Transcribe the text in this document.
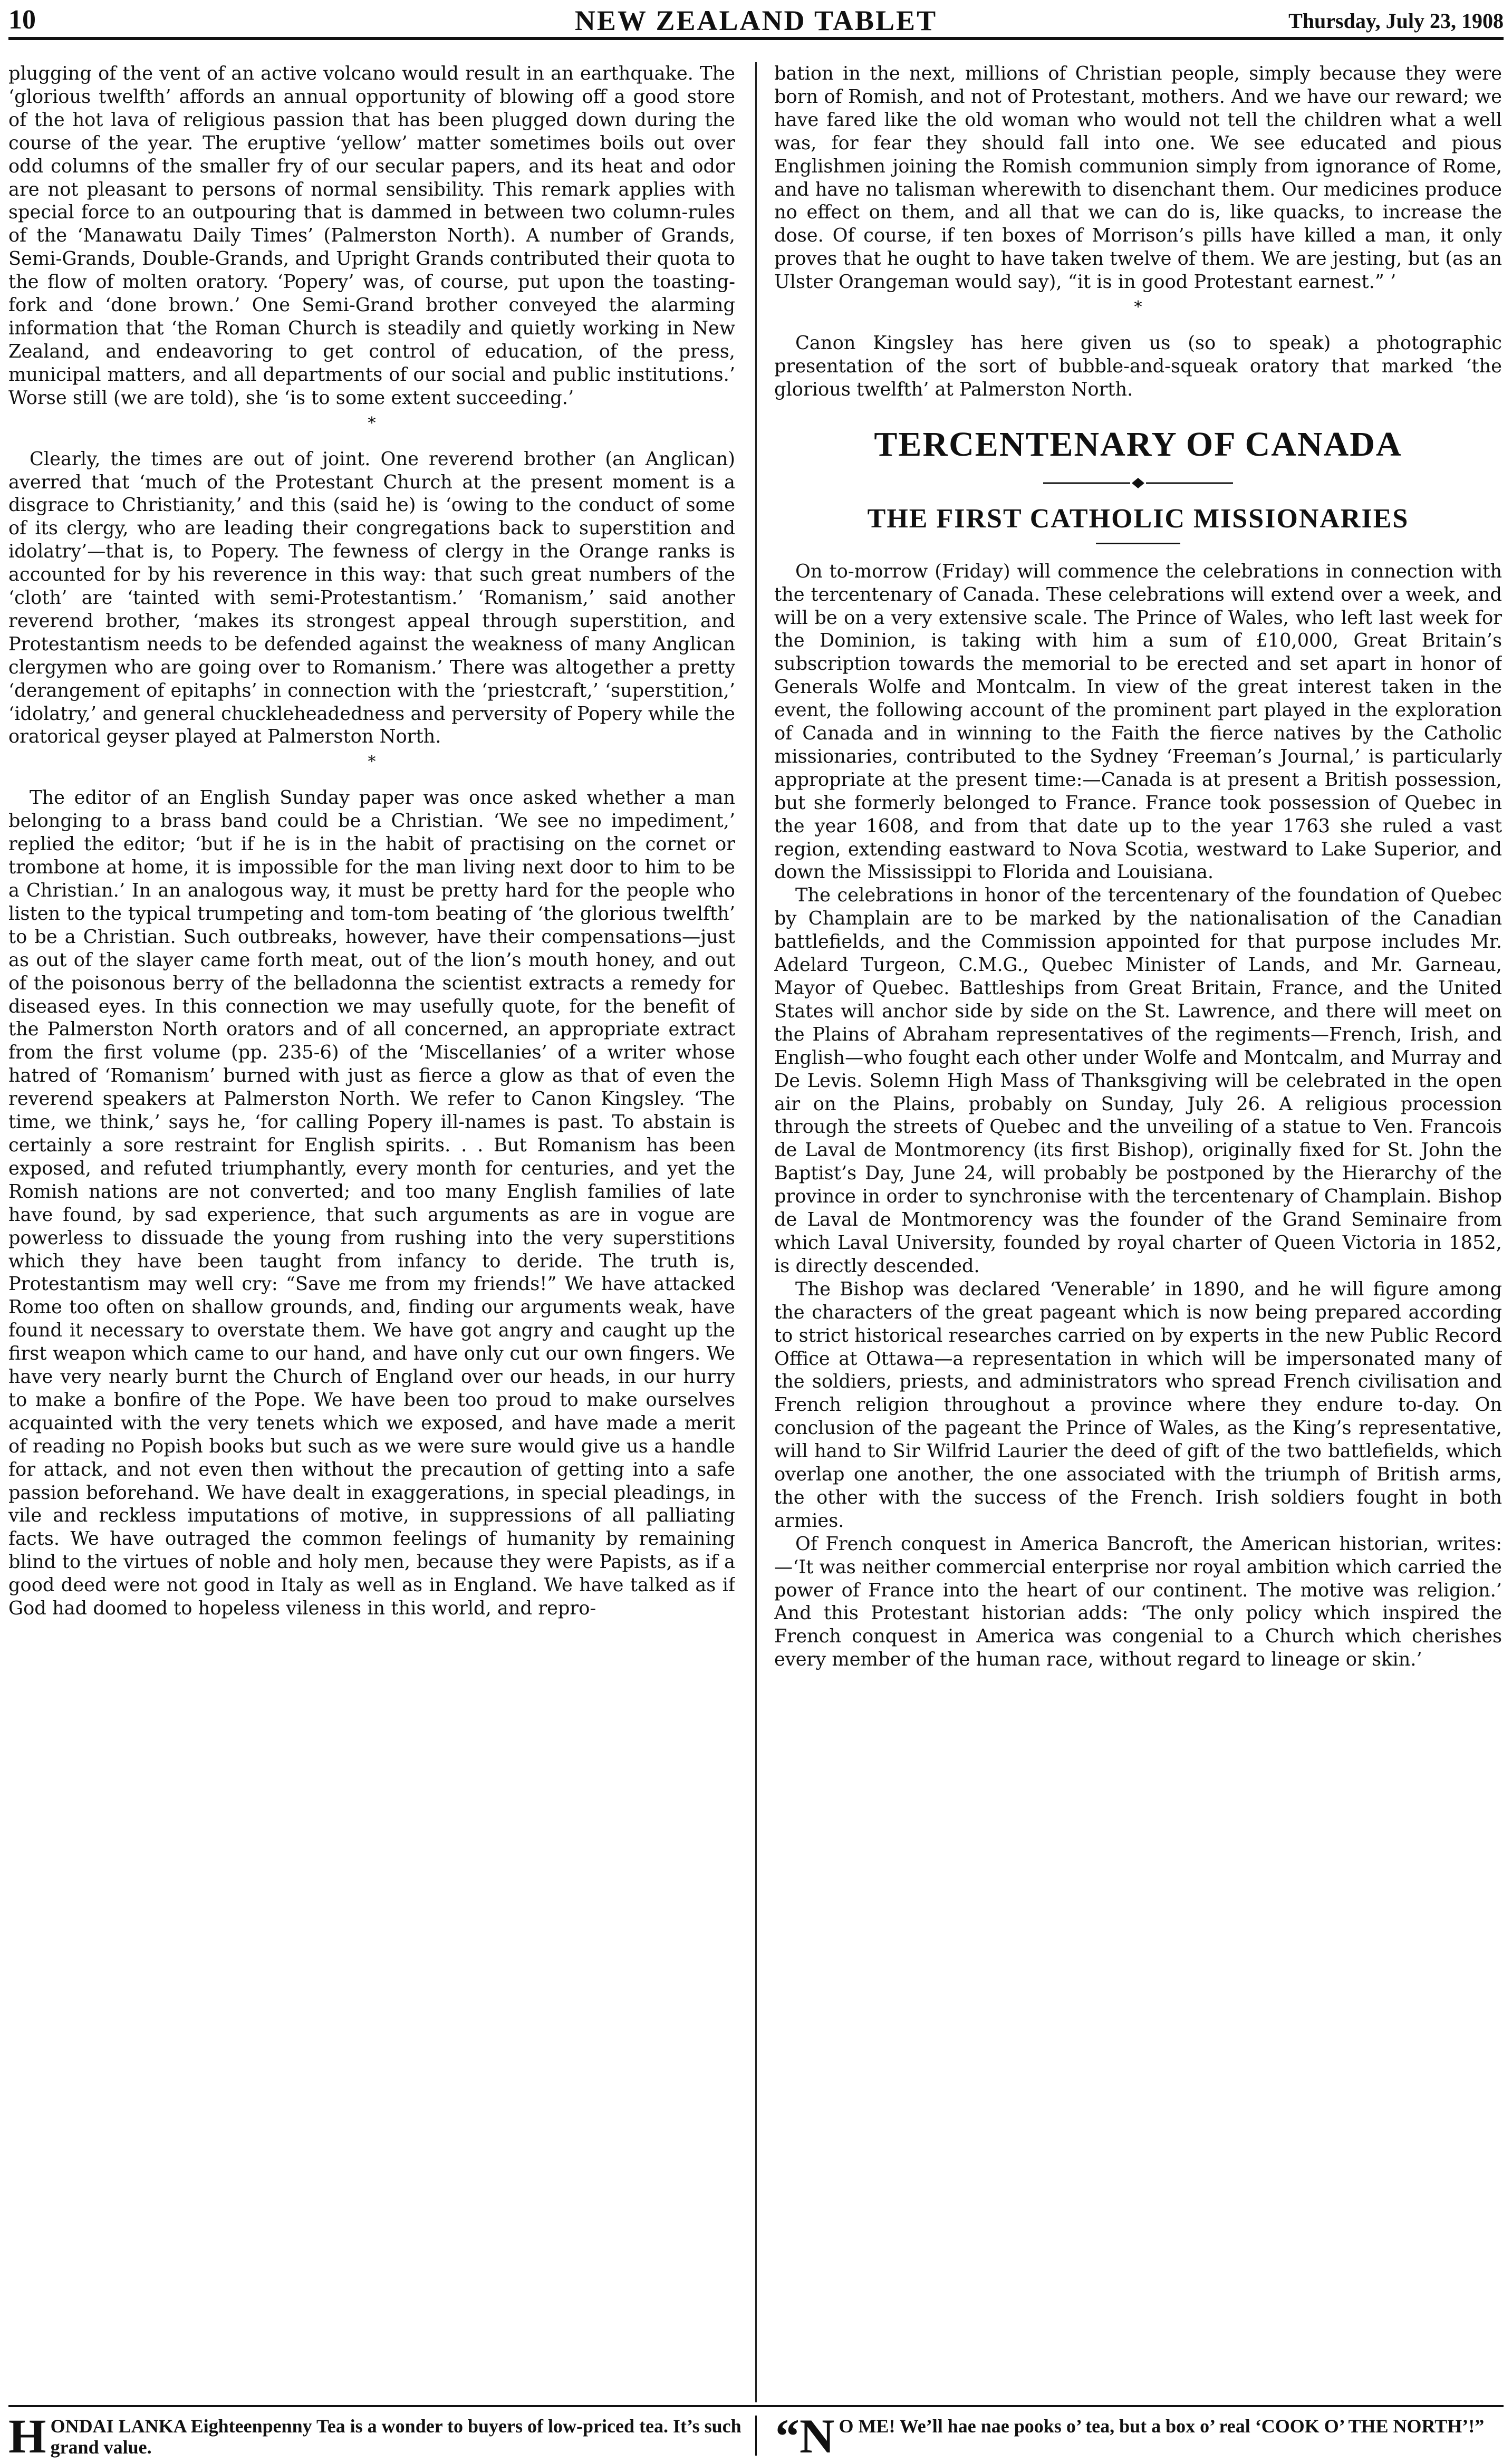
10	NEW ZEALAND TABLET	Thursday, July 23, 1908

plugging of the vent of an active volcano would result in an earthquake. The ‘glorious twelfth’ affords an annual opportunity of blowing off a good store of the hot lava of religious passion that has been plugged down during the course of the year. The eruptive ‘yellow’ matter sometimes boils out over odd columns of the smaller fry of our secular papers, and its heat and odor are not pleasant to persons of normal sensibility. This remark applies with special force to an outpouring that is dammed in between two column-rules of the ‘Manawatu Daily Times’ (Palmerston North). A number of Grands, Semi-Grands, Double-Grands, and Upright Grands contributed their quota to the flow of molten oratory. ‘Popery’ was, of course, put upon the toasting-fork and ‘done brown.’ One Semi-Grand brother conveyed the alarming information that ‘the Roman Church is steadily and quietly working in New Zealand, and endeavoring to get control of education, of the press, municipal matters, and all departments of our social and public institutions.’ Worse still (we are told), she ‘is to some extent succeeding.’

*

Clearly, the times are out of joint. One reverend brother (an Anglican) averred that ‘much of the Protestant Church at the present moment is a disgrace to Christianity,’ and this (said he) is ‘owing to the conduct of some of its clergy, who are leading their congregations back to superstition and idolatry’—that is, to Popery. The fewness of clergy in the Orange ranks is accounted for by his reverence in this way: that such great numbers of the ‘cloth’ are ‘tainted with semi-Protestantism.’ ‘Romanism,’ said another reverend brother, ‘makes its strongest appeal through superstition, and Protestantism needs to be defended against the weakness of many Anglican clergymen who are going over to Romanism.’ There was altogether a pretty ‘derangement of epitaphs’ in connection with the ‘priestcraft,’ ‘superstition,’ ‘idolatry,’ and general chuckleheadedness and perversity of Popery while the oratorical geyser played at Palmerston North.

*

The editor of an English Sunday paper was once asked whether a man belonging to a brass band could be a Christian. ‘We see no impediment,’ replied the editor; ‘but if he is in the habit of practising on the cornet or trombone at home, it is impossible for the man living next door to him to be a Christian.’ In an analogous way, it must be pretty hard for the people who listen to the typical trumpeting and tom-tom beating of ‘the glorious twelfth’ to be a Christian. Such outbreaks, however, have their compensations—just as out of the slayer came forth meat, out of the lion’s mouth honey, and out of the poisonous berry of the belladonna the scientist extracts a remedy for diseased eyes. In this connection we may usefully quote, for the benefit of the Palmerston North orators and of all concerned, an appropriate extract from the first volume (pp. 235-6) of the ‘Miscellanies’ of a writer whose hatred of ‘Romanism’ burned with just as fierce a glow as that of even the reverend speakers at Palmerston North. We refer to Canon Kingsley. ‘The time, we think,’ says he, ‘for calling Popery ill-names is past. To abstain is certainly a sore restraint for English spirits. . . But Romanism has been exposed, and refuted triumphantly, every month for centuries, and yet the Romish nations are not converted; and too many English families of late have found, by sad experience, that such arguments as are in vogue are powerless to dissuade the young from rushing into the very superstitions which they have been taught from infancy to deride. The truth is, Protestantism may well cry: “Save me from my friends!” We have attacked Rome too often on shallow grounds, and, finding our arguments weak, have found it necessary to overstate them. We have got angry and caught up the first weapon which came to our hand, and have only cut our own fingers. We have very nearly burnt the Church of England over our heads, in our hurry to make a bonfire of the Pope. We have been too proud to make ourselves acquainted with the very tenets which we exposed, and have made a merit of reading no Popish books but such as we were sure would give us a handle for attack, and not even then without the precaution of getting into a safe passion beforehand. We have dealt in exaggerations, in special pleadings, in vile and reckless imputations of motive, in suppressions of all palliating facts. We have outraged the common feelings of humanity by remaining blind to the virtues of noble and holy men, because they were Papists, as if a good deed were not good in Italy as well as in England. We have talked as if God had doomed to hopeless vileness in this world, and repro-

bation in the next, millions of Christian people, simply because they were born of Romish, and not of Protestant, mothers. And we have our reward; we have fared like the old woman who would not tell the children what a well was, for fear they should fall into one. We see educated and pious Englishmen joining the Romish communion simply from ignorance of Rome, and have no talisman wherewith to disenchant them. Our medicines produce no effect on them, and all that we can do is, like quacks, to increase the dose. Of course, if ten boxes of Morrison’s pills have killed a man, it only proves that he ought to have taken twelve of them. We are jesting, but (as an Ulster Orangeman would say), “it is in good Protestant earnest.” ’

*

Canon Kingsley has here given us (so to speak) a photographic presentation of the sort of bubble-and-squeak oratory that marked ‘the glorious twelfth’ at Palmerston North.

TERCENTENARY OF CANADA
THE FIRST CATHOLIC MISSIONARIES

On to-morrow (Friday) will commence the celebrations in connection with the tercentenary of Canada. These celebrations will extend over a week, and will be on a very extensive scale. The Prince of Wales, who left last week for the Dominion, is taking with him a sum of £10,000, Great Britain’s subscription towards the memorial to be erected and set apart in honor of Generals Wolfe and Montcalm. In view of the great interest taken in the event, the following account of the prominent part played in the exploration of Canada and in winning to the Faith the fierce natives by the Catholic missionaries, contributed to the Sydney ‘Freeman’s Journal,’ is particularly appropriate at the present time:—Canada is at present a British possession, but she formerly belonged to France. France took possession of Quebec in the year 1608, and from that date up to the year 1763 she ruled a vast region, extending eastward to Nova Scotia, westward to Lake Superior, and down the Mississippi to Florida and Louisiana.

The celebrations in honor of the tercentenary of the foundation of Quebec by Champlain are to be marked by the nationalisation of the Canadian battlefields, and the Commission appointed for that purpose includes Mr. Adelard Turgeon, C.M.G., Quebec Minister of Lands, and Mr. Garneau, Mayor of Quebec. Battleships from Great Britain, France, and the United States will anchor side by side on the St. Lawrence, and there will meet on the Plains of Abraham representatives of the regiments—French, Irish, and English—who fought each other under Wolfe and Montcalm, and Murray and De Levis. Solemn High Mass of Thanksgiving will be celebrated in the open air on the Plains, probably on Sunday, July 26. A religious procession through the streets of Quebec and the unveiling of a statue to Ven. Francois de Laval de Montmorency (its first Bishop), originally fixed for St. John the Baptist’s Day, June 24, will probably be postponed by the Hierarchy of the province in order to synchronise with the tercentenary of Champlain. Bishop de Laval de Montmorency was the founder of the Grand Seminaire from which Laval University, founded by royal charter of Queen Victoria in 1852, is directly descended.

The Bishop was declared ‘Venerable’ in 1890, and he will figure among the characters of the great pageant which is now being prepared according to strict historical researches carried on by experts in the new Public Record Office at Ottawa—a representation in which will be impersonated many of the soldiers, priests, and administrators who spread French civilisation and French religion throughout a province where they endure to-day. On conclusion of the pageant the Prince of Wales, as the King’s representative, will hand to Sir Wilfrid Laurier the deed of gift of the two battlefields, which overlap one another, the one associated with the triumph of British arms, the other with the success of the French. Irish soldiers fought in both armies.

Of French conquest in America Bancroft, the American historian, writes:—‘It was neither commercial enterprise nor royal ambition which carried the power of France into the heart of our continent. The motive was religion.’ And this Protestant historian adds: ‘The only policy which inspired the French conquest in America was congenial to a Church which cherishes every member of the human race, without regard to lineage or skin.’

H ONDAI LANKA Eighteenpenny Tea is a wonder to buyers of low-priced tea. It’s such grand value.	“N O ME! We’ll hae nae pooks o’ tea, but a box o’ real ‘COOK O’ THE NORTH’!”
